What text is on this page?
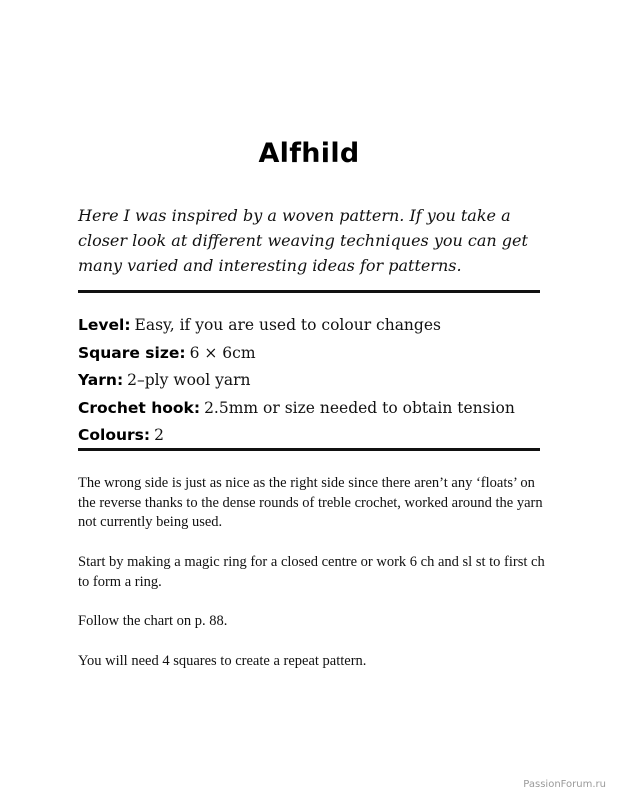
Alfhild

Here I was inspired by a woven pattern. If you take a closer look at different weaving techniques you can get many varied and interesting ideas for patterns.

Level: Easy, if you are used to colour changes
Square size: 6 × 6cm
Yarn: 2–ply wool yarn
Crochet hook: 2.5mm or size needed to obtain tension
Colours: 2

The wrong side is just as nice as the right side since there aren’t any ‘floats’ on the reverse thanks to the dense rounds of treble crochet, worked around the yarn not currently being used.

Start by making a magic ring for a closed centre or work 6 ch and sl st to first ch to form a ring.

Follow the chart on p. 88.

You will need 4 squares to create a repeat pattern.

PassionForum.ru
